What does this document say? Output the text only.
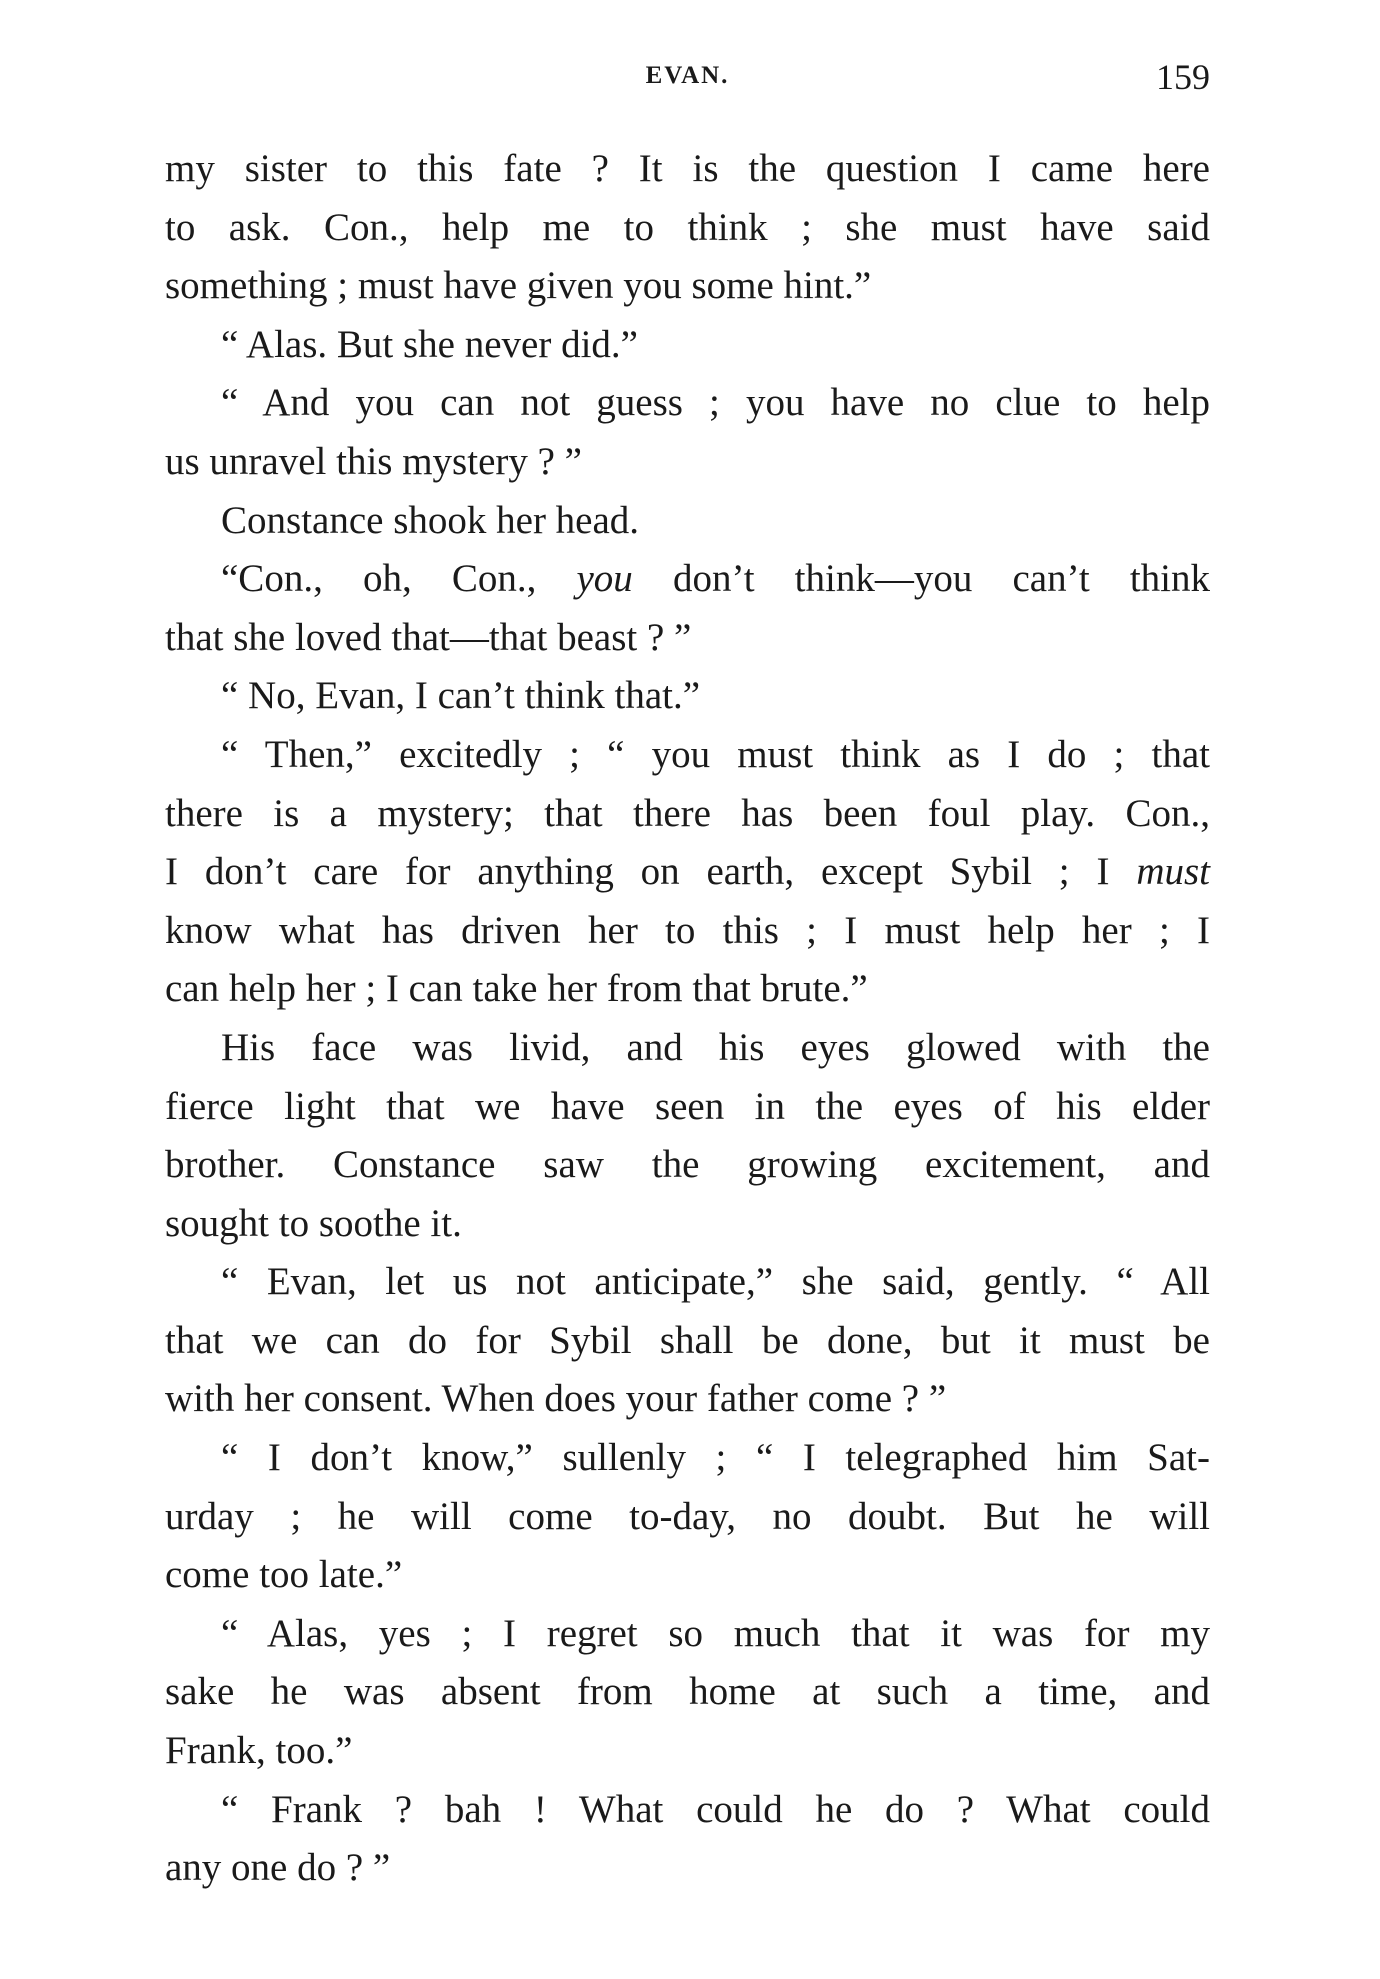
EVAN.	159
my sister to this fate ? It is the question I came here
to ask. Con., help me to think ; she must have said
something ; must have given you some hint.”
“ Alas. But she never did.”
“ And you can not guess ; you have no clue to help
us unravel this mystery ? ”
Constance shook her head.
“Con., oh, Con., you don’t think—you can’t think
that she loved that—that beast ? ”
“ No, Evan, I can’t think that.”
“ Then,” excitedly ; “ you must think as I do ; that
there is a mystery; that there has been foul play. Con.,
I don’t care for anything on earth, except Sybil ; I must
know what has driven her to this ; I must help her ; I
can help her ; I can take her from that brute.”
His face was livid, and his eyes glowed with the
fierce light that we have seen in the eyes of his elder
brother. Constance saw the growing excitement, and
sought to soothe it.
“ Evan, let us not anticipate,” she said, gently. “ All
that we can do for Sybil shall be done, but it must be
with her consent. When does your father come ? ”
“ I don’t know,” sullenly ; “ I telegraphed him Sat-
urday ; he will come to-day, no doubt. But he will
come too late.”
“ Alas, yes ; I regret so much that it was for my
sake he was absent from home at such a time, and
Frank, too.”
“ Frank ? bah ! What could he do ? What could
any one do ? ”
